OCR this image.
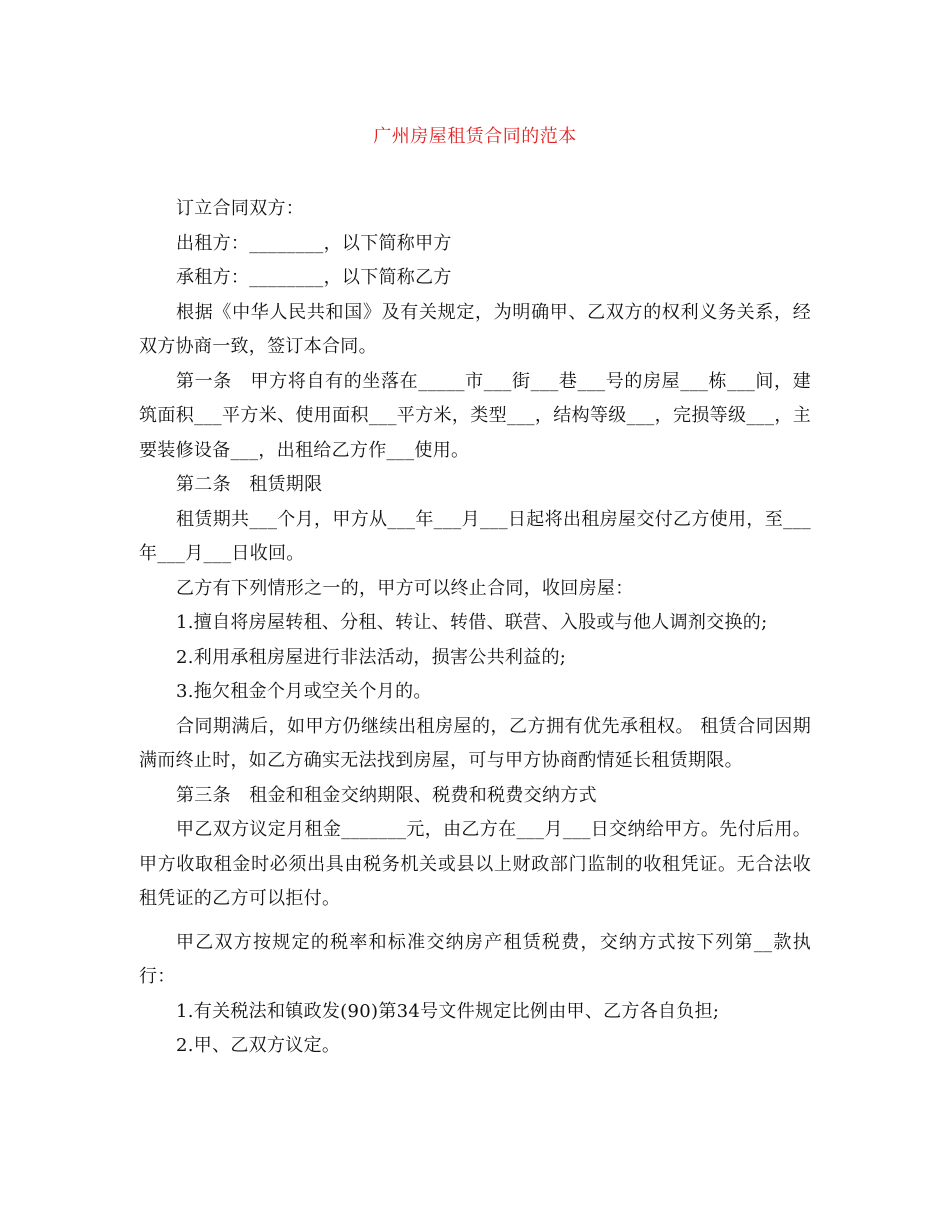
广州房屋租赁合同的范本

订立合同双方：

出租方：________，以下简称甲方

承租方：________，以下简称乙方

根据《中华人民共和国》及有关规定，为明确甲、乙双方的权利义务关系，经双方协商一致，签订本合同。

第一条　甲方将自有的坐落在_____市___街___巷___号的房屋___栋___间，建筑面积___平方米、使用面积___平方米，类型___，结构等级___，完损等级___，主要装修设备___，出租给乙方作___使用。

第二条　租赁期限

租赁期共___个月，甲方从___年___月___日起将出租房屋交付乙方使用，至___年___月___日收回。

乙方有下列情形之一的，甲方可以终止合同，收回房屋：

1.擅自将房屋转租、分租、转让、转借、联营、入股或与他人调剂交换的;

2.利用承租房屋进行非法活动，损害公共利益的;

3.拖欠租金个月或空关个月的。

合同期满后，如甲方仍继续出租房屋的，乙方拥有优先承租权。 租赁合同因期满而终止时，如乙方确实无法找到房屋，可与甲方协商酌情延长租赁期限。

第三条　租金和租金交纳期限、税费和税费交纳方式

甲乙双方议定月租金_______元，由乙方在___月___日交纳给甲方。先付后用。甲方收取租金时必须出具由税务机关或县以上财政部门监制的收租凭证。无合法收租凭证的乙方可以拒付。

甲乙双方按规定的税率和标准交纳房产租赁税费，交纳方式按下列第__款执行：

1.有关税法和镇政发(90)第34号文件规定比例由甲、乙方各自负担;

2.甲、乙双方议定。
